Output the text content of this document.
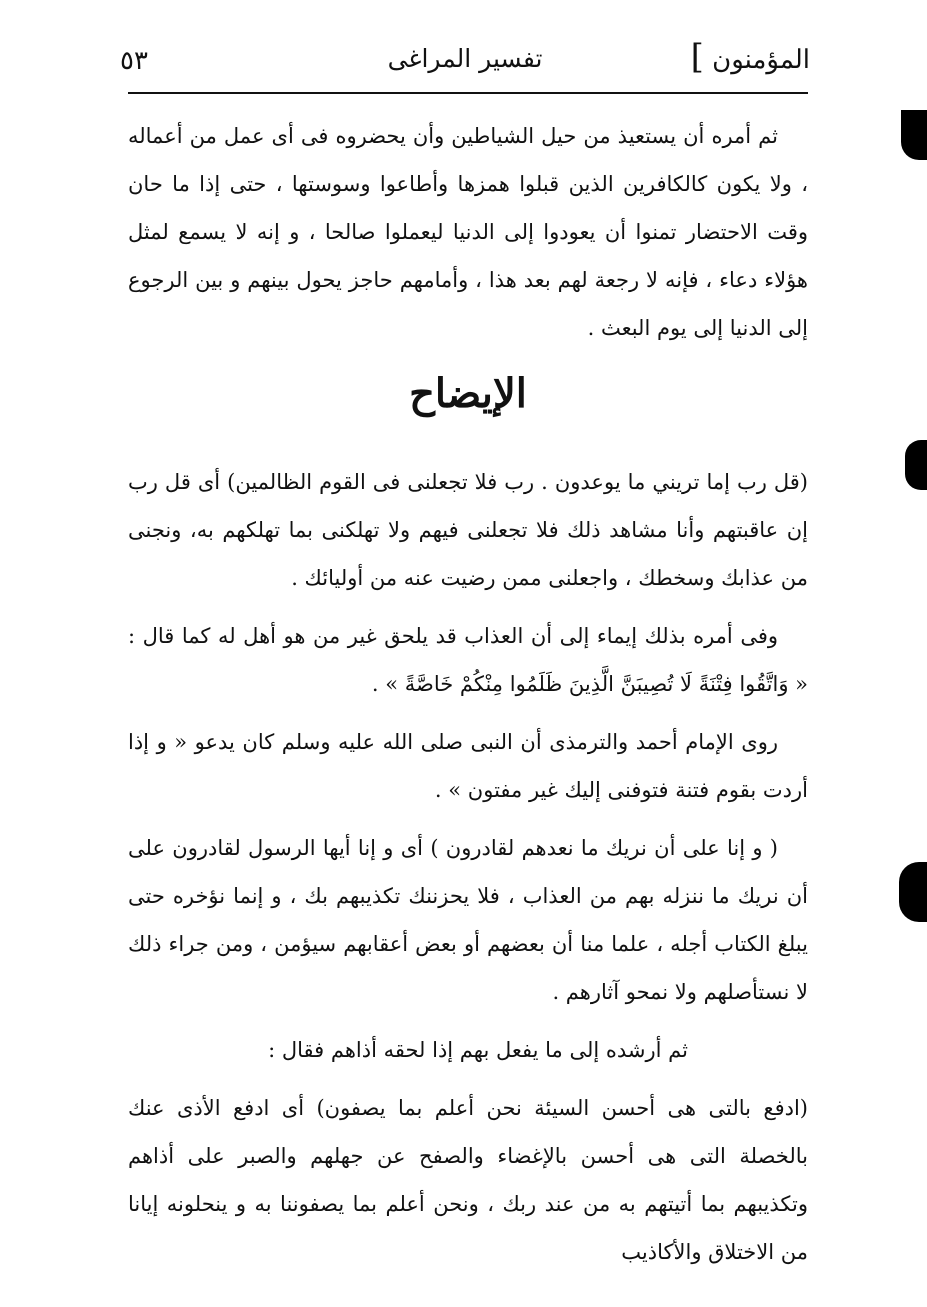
المؤمنون ]
تفسير المراغى
٥٣

ثم أمره أن يستعيذ من حيل الشياطين وأن يحضروه فى أى عمل من أعماله ، ولا يكون كالكافرين الذين قبلوا همزها وأطاعوا وسوستها ، حتى إذا ما حان وقت الاحتضار تمنوا أن يعودوا إلى الدنيا ليعملوا صالحا ، و إنه لا يسمع لمثل هؤلاء دعاء ، فإنه لا رجعة لهم بعد هذا ، وأمامهم حاجز يحول بينهم و بين الرجوع إلى الدنيا إلى يوم البعث .

الإيضاح

(قل رب إما تريني ما يوعدون . رب فلا تجعلنى فى القوم الظالمين) أى قل رب إن عاقبتهم وأنا مشاهد ذلك فلا تجعلنى فيهم ولا تهلكنى بما تهلكهم به، ونجنى من عذابك وسخطك ، واجعلنى ممن رضيت عنه من أوليائك .

وفى أمره بذلك إيماء إلى أن العذاب قد يلحق غير من هو أهل له كما قال : « وَاتَّقُوا فِتْنَةً لَا تُصِيبَنَّ الَّذِينَ ظَلَمُوا مِنْكُمْ خَاصَّةً » .

روى الإمام أحمد والترمذى أن النبى صلى الله عليه وسلم كان يدعو « و إذا أردت بقوم فتنة فتوفنى إليك غير مفتون » .

( و إنا على أن نريك ما نعدهم لقادرون ) أى و إنا أيها الرسول لقادرون على أن نريك ما ننزله بهم من العذاب ، فلا يحزننك تكذيبهم بك ، و إنما نؤخره حتى يبلغ الكتاب أجله ، علما منا أن بعضهم أو بعض أعقابهم سيؤمن ، ومن جراء ذلك لا نستأصلهم ولا نمحو آثارهم .

ثم أرشده إلى ما يفعل بهم إذا لحقه أذاهم فقال :

(ادفع بالتى هى أحسن السيئة نحن أعلم بما يصفون) أى ادفع الأذى عنك بالخصلة التى هى أحسن بالإغضاء والصفح عن جهلهم والصبر على أذاهم وتكذيبهم بما أتيتهم به من عند ربك ، ونحن أعلم بما يصفوننا به و ينحلونه إيانا من الاختلاق والأكاذيب
